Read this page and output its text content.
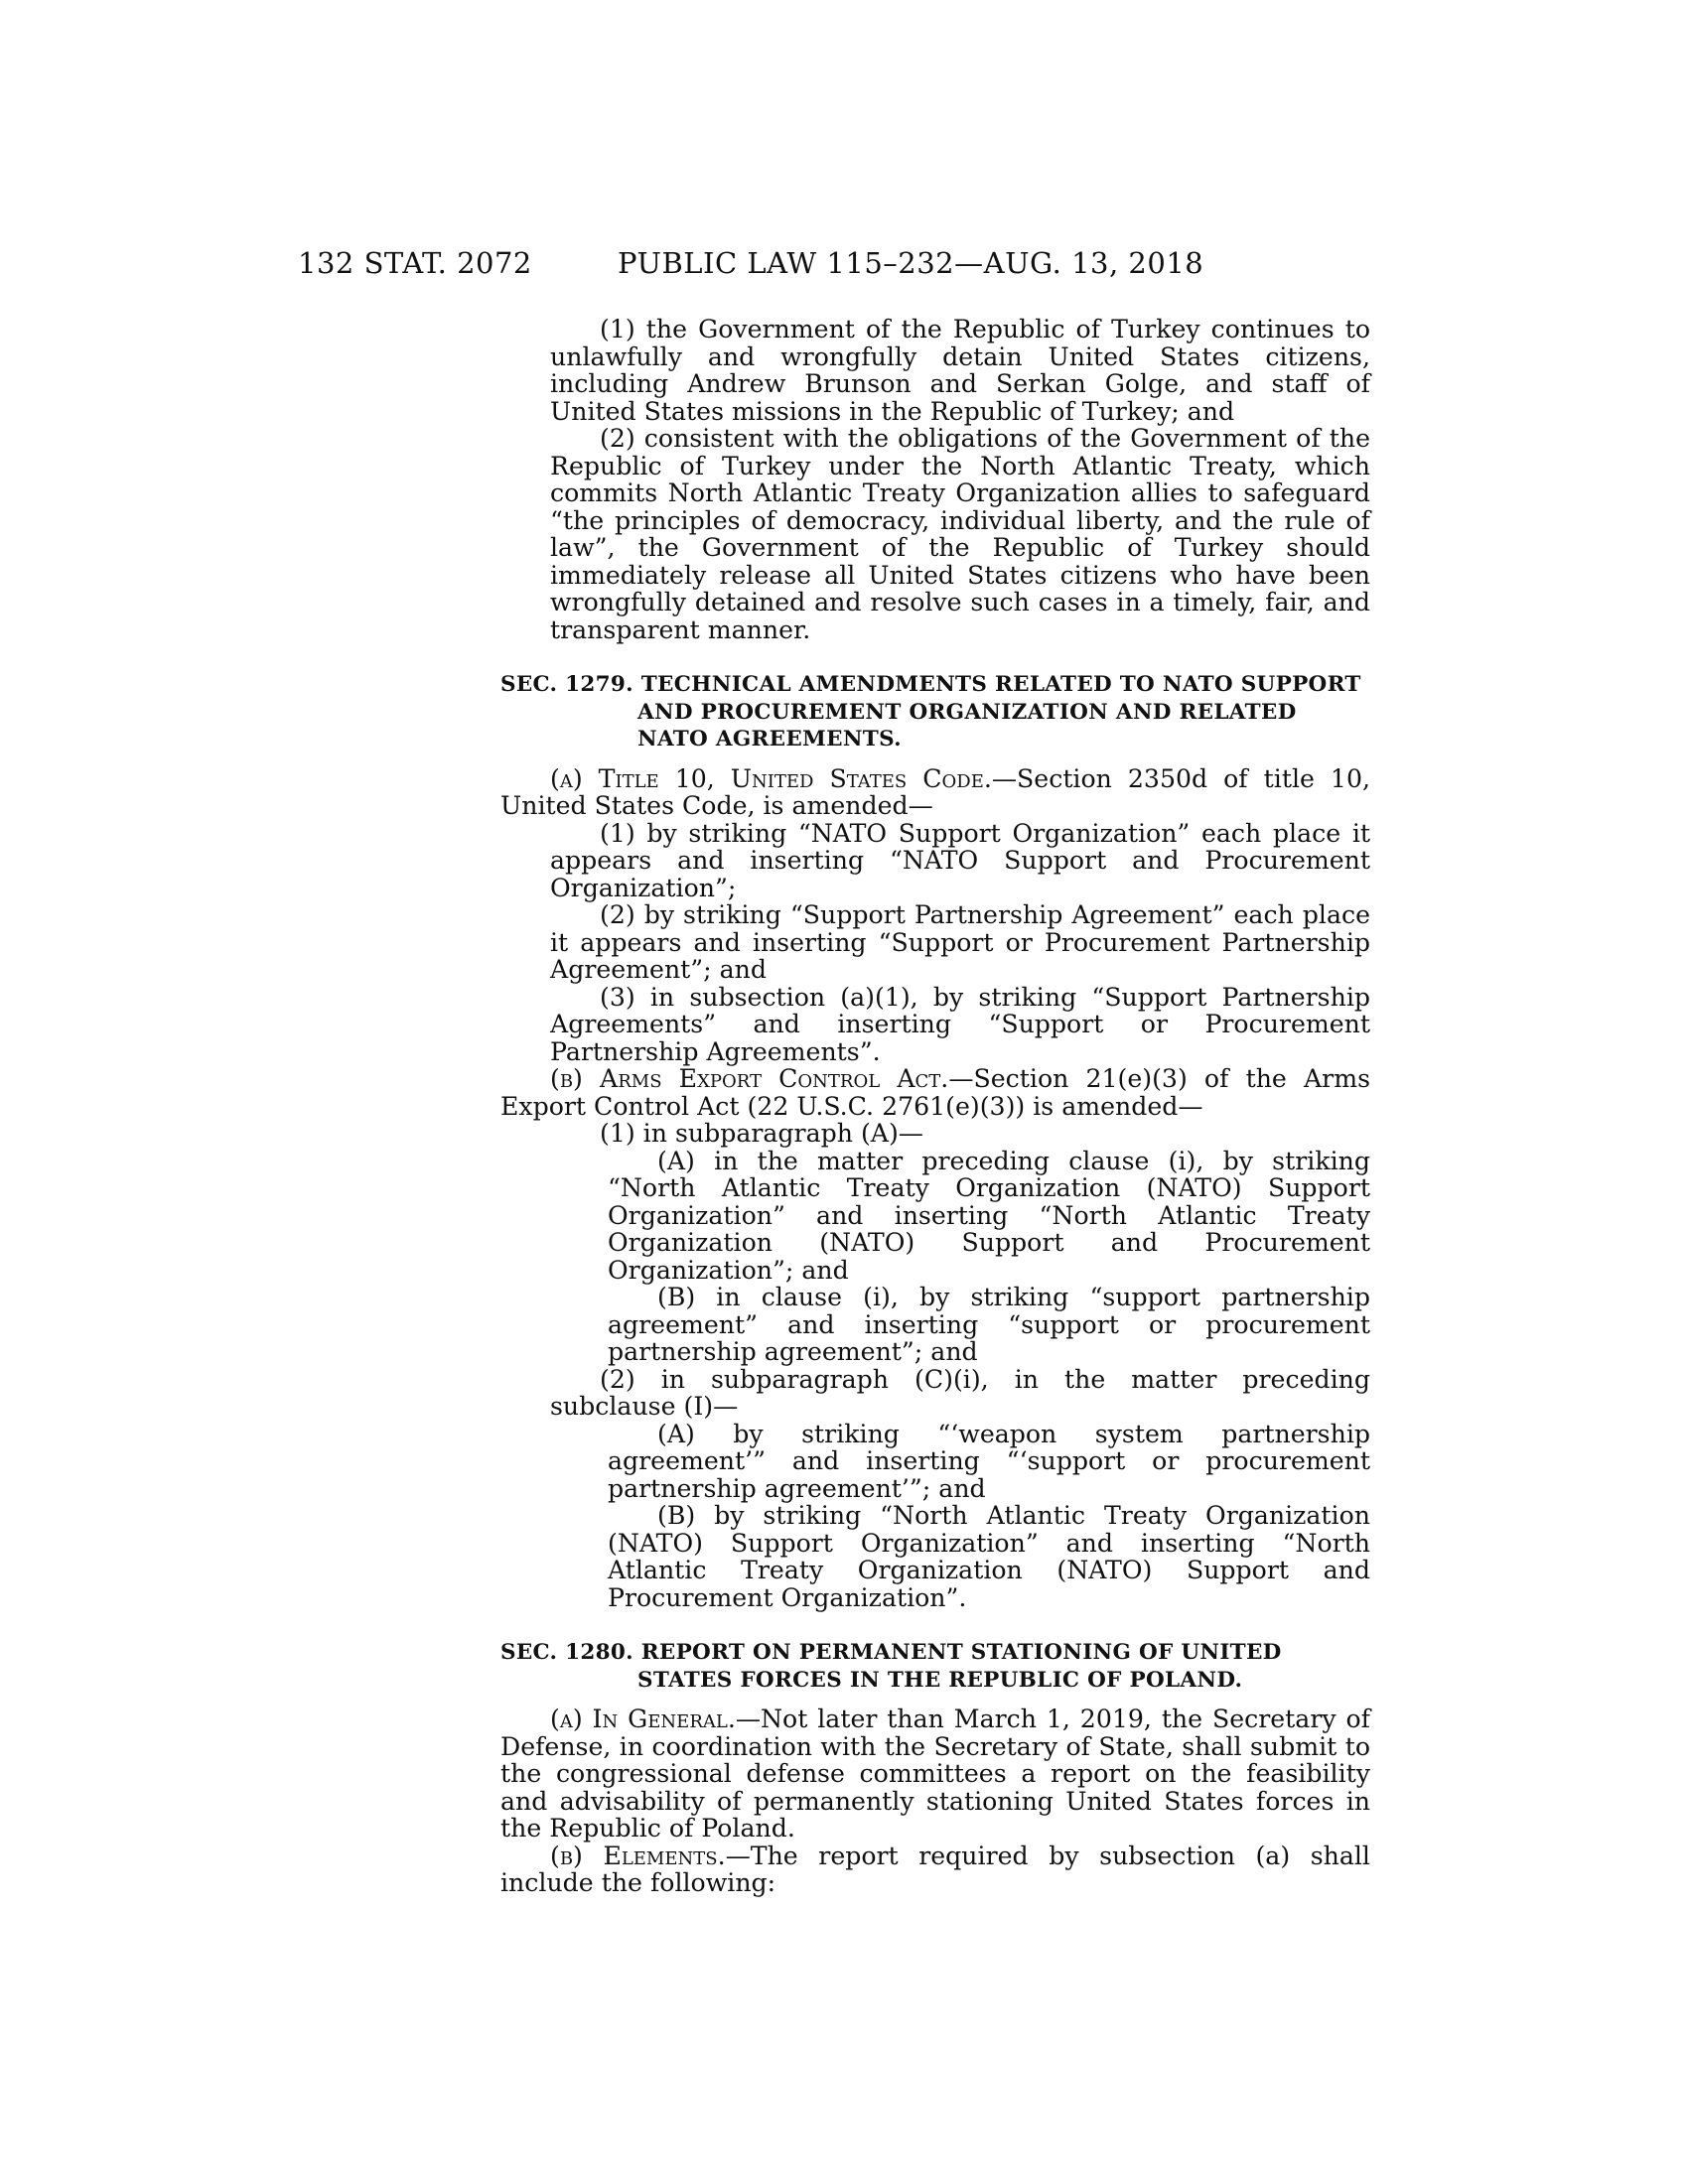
132 STAT. 2072	PUBLIC LAW 115–232—AUG. 13, 2018

(1) the Government of the Republic of Turkey continues to unlawfully and wrongfully detain United States citizens, including Andrew Brunson and Serkan Golge, and staff of United States missions in the Republic of Turkey; and

(2) consistent with the obligations of the Government of the Republic of Turkey under the North Atlantic Treaty, which commits North Atlantic Treaty Organization allies to safeguard “the principles of democracy, individual liberty, and the rule of law”, the Government of the Republic of Turkey should immediately release all United States citizens who have been wrongfully detained and resolve such cases in a timely, fair, and transparent manner.

SEC. 1279. TECHNICAL AMENDMENTS RELATED TO NATO SUPPORT AND PROCUREMENT ORGANIZATION AND RELATED NATO AGREEMENTS.

(a) Title 10, United States Code.—Section 2350d of title 10, United States Code, is amended—

(1) by striking “NATO Support Organization” each place it appears and inserting “NATO Support and Procurement Organization”;

(2) by striking “Support Partnership Agreement” each place it appears and inserting “Support or Procurement Partnership Agreement”; and

(3) in subsection (a)(1), by striking “Support Partnership Agreements” and inserting “Support or Procurement Partnership Agreements”.

(b) Arms Export Control Act.—Section 21(e)(3) of the Arms Export Control Act (22 U.S.C. 2761(e)(3)) is amended—

(1) in subparagraph (A)—

(A) in the matter preceding clause (i), by striking “North Atlantic Treaty Organization (NATO) Support Organization” and inserting “North Atlantic Treaty Organization (NATO) Support and Procurement Organization”; and

(B) in clause (i), by striking “support partnership agreement” and inserting “support or procurement partnership agreement”; and

(2) in subparagraph (C)(i), in the matter preceding subclause (I)—

(A) by striking “‘weapon system partnership agreement’” and inserting “‘support or procurement partnership agreement’”; and

(B) by striking “North Atlantic Treaty Organization (NATO) Support Organization” and inserting “North Atlantic Treaty Organization (NATO) Support and Procurement Organization”.

SEC. 1280. REPORT ON PERMANENT STATIONING OF UNITED STATES FORCES IN THE REPUBLIC OF POLAND.

(a) In General.—Not later than March 1, 2019, the Secretary of Defense, in coordination with the Secretary of State, shall submit to the congressional defense committees a report on the feasibility and advisability of permanently stationing United States forces in the Republic of Poland.

(b) Elements.—The report required by subsection (a) shall include the following:
